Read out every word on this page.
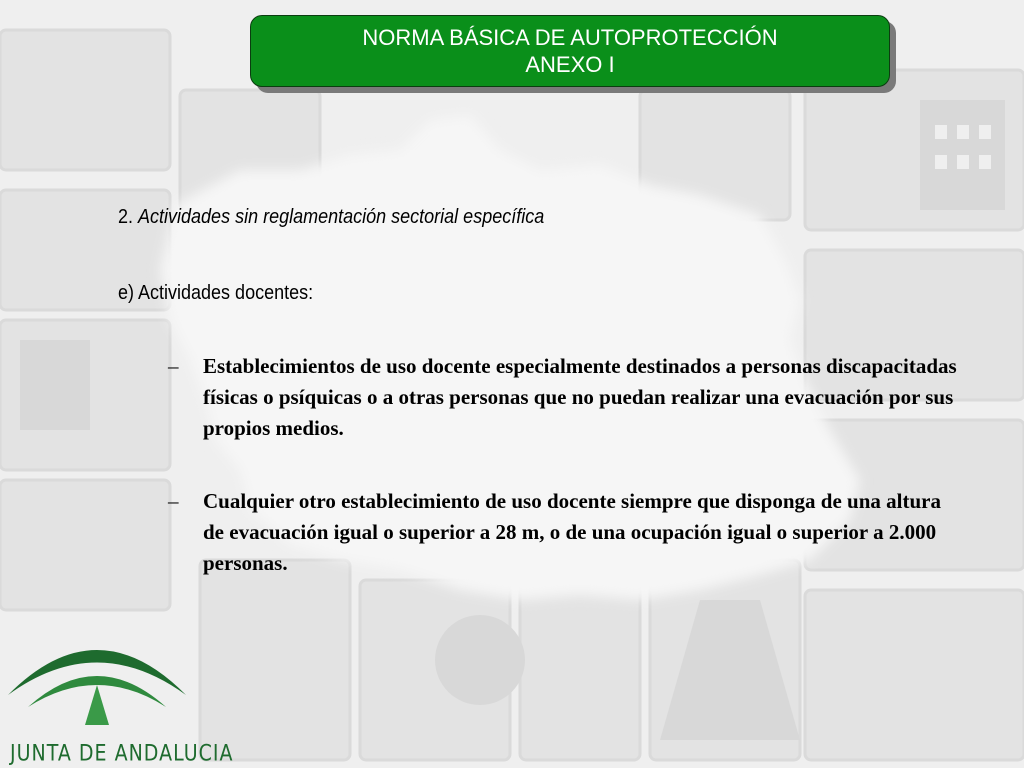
NORMA BÁSICA DE AUTOPROTECCIÓN
ANEXO I
2. Actividades sin reglamentación sectorial específica
e) Actividades docentes:
– Establecimientos de uso docente especialmente destinados a personas discapacitadas físicas o psíquicas o a otras personas que no puedan realizar una evacuación por sus propios medios.
– Cualquier otro establecimiento de uso docente siempre que disponga de una altura de evacuación igual o superior a 28 m, o de una ocupación igual o superior a 2.000 personas.
JUNTA DE ANDALUCIA
